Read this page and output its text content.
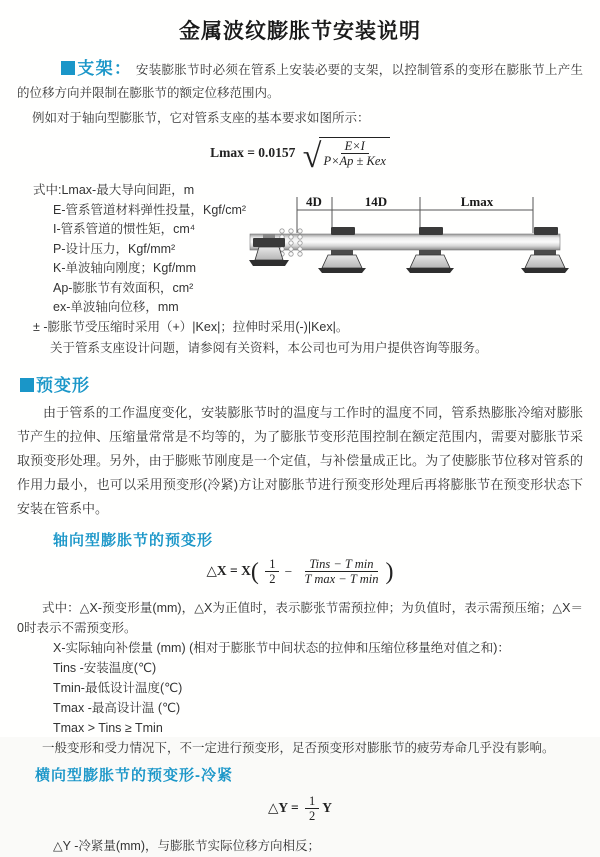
金属波纹膨胀节安装说明

支架： 安装膨胀节时必须在管系上安装必要的支架，以控制管系的变形在膨胀节上产生的位移方向并限制在膨胀节的额定位移范围内。

例如对于轴向型膨胀节，它对管系支座的基本要求如图所示：

Lmax = 0.0157 √
$\frac{E\times I}{\text{P×Ap ± Kex}}$

式中:Lmax-最大导向间距，m

E-管系管道材料弹性投量，Kgf/cm²

I-管系管道的惯性矩，cm⁴

P-设计压力，Kgf/mm²

K-单波轴向刚度；Kgf/mm

Ap-膨胀节有效面积，cm²

ex-单波轴向位移，mm

± -膨胀节受压缩时采用（+）|Kex|；拉伸时采用(-)|Kex|。

关于管系支座设计问题，请参阅有关资料，本公司也可为用户提供咨询等服务。

预变形

由于管系的工作温度变化，安装膨胀节时的温度与工作时的温度不同，管系热膨胀冷缩对膨胀节产生的拉伸、压缩量常常是不均等的，为了膨胀节变形范围控制在额定范围内，需要对膨胀节采取预变形处理。另外，由于膨账节刚度是一个定值，与补偿量成正比。为了使膨胀节位移对管系的作用力最小，也可以采用预变形(冷紧)方让对膨胀节进行预变形处理后再将膨胀节在预变形状态下安装在管系中。

轴向型膨胀节的预变形
△X = $X( \frac{1}{2} - \frac{\text{Tins − T min}}{\text{T max − T min}}$ )

式中：△X-预变形量(mm)，△X为正值时，表示膨张节需预拉伸；为负值时，表示需预压缩；△X＝0时表示不需预变形。

X-实际轴向补偿量 (mm) (相对于膨胀节中间状态的拉伸和压缩位移量绝对值之和)：

Tins -安装温度(℃)

Tmin-最低设计温度(℃)

Tmax -最高设计温 (℃)

Tmax > Tins ≥ Tmin

一般变形和受力情况下，不一定进行预变形，足否预变形对膨胀节的疲劳寿命几乎没有影响。

横向型膨胀节的预变形-冷紧
△Y = $\frac{1}{2}$ Y

△Y -冷紧量(mm)，与膨胀节实际位移方向相反；

4D	14D	Lmax
